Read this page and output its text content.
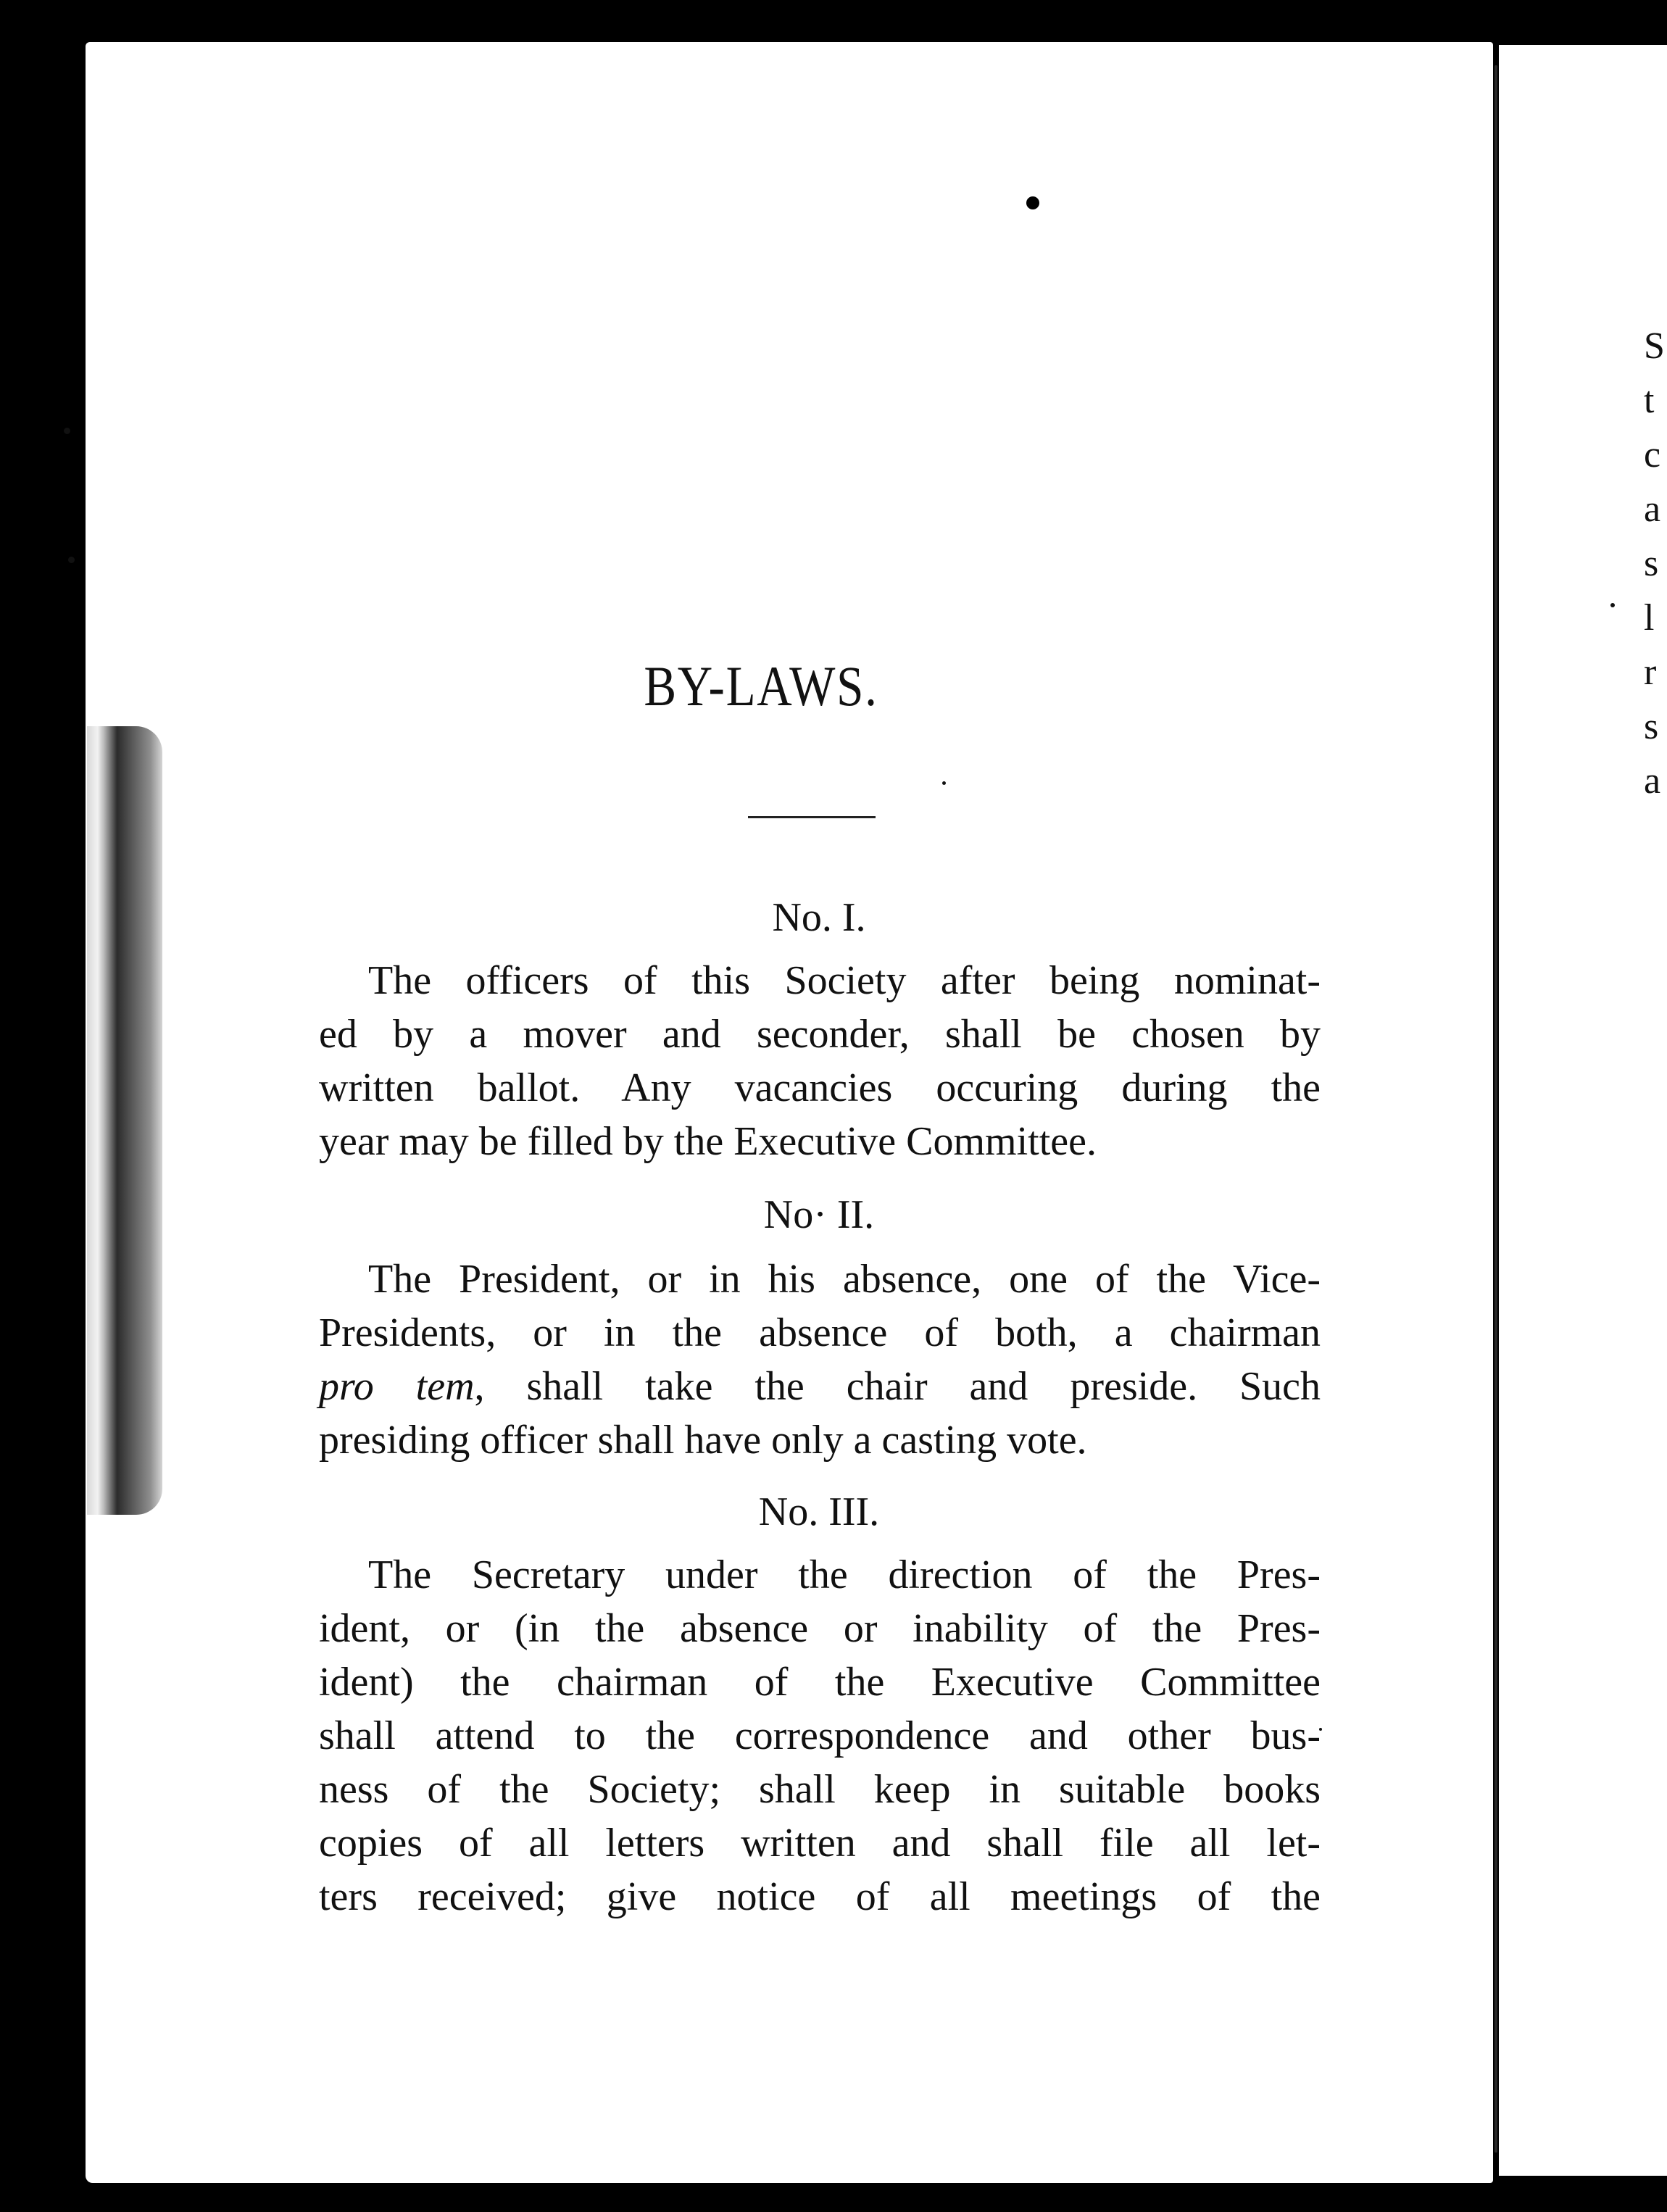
BY-LAWS.
No. I.
The officers of this Society after being nominat-
ed by a mover and seconder, shall be chosen by
written ballot. Any vacancies occuring during the
year may be filled by the Executive Committee.
No· II.
The President, or in his absence, one of the Vice-
Presidents, or in the absence of both, a chairman
pro tem, shall take the chair and preside. Such
presiding officer shall have only a casting vote.
No. III.
The Secretary under the direction of the Pres-
ident, or (in the absence or inability of the Pres-
ident) the chairman of the Executive Committee
shall attend to the correspondence and other bus-
ness of the Society; shall keep in suitable books
copies of all letters written and shall file all let-
ters received; give notice of all meetings of the
S
t
c
a
s
l
r
s
a
